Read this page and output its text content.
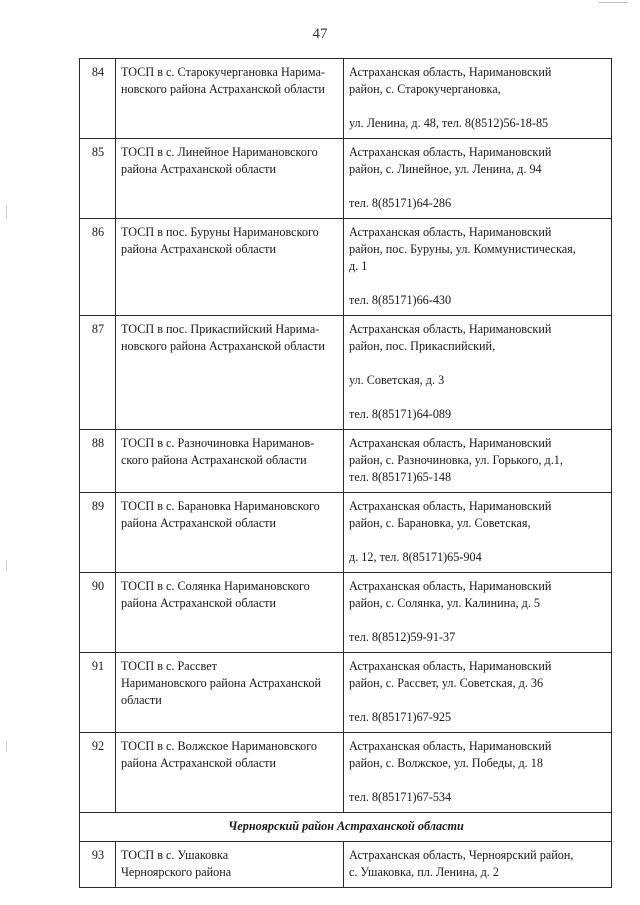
47
84	ТОСП в с. Старокучергановка Нарима-
новского района Астраханской области	Астраханская область, Наримановский
район, с. Старокучергановка,
ул. Ленина, д. 48, тел. 8(8512)56-18-85

85	ТОСП в с. Линейное Наримановского
района Астраханской области	Астраханская область, Наримановский
район, с. Линейное, ул. Ленина, д. 94
тел. 8(85171)64-286

86	ТОСП в пос. Буруны Наримановского
района Астраханской области	Астраханская область, Наримановский
район, пос. Буруны, ул. Коммунистическая,
д. 1
тел. 8(85171)66-430

87	ТОСП в пос. Прикаспийский Нарима-
новского района Астраханской области	Астраханская область, Наримановский
район, пос. Прикаспийский,
ул. Советская, д. 3
тел. 8(85171)64-089

88	ТОСП в с. Разночиновка Нариманов-
ского района Астраханской области	Астраханская область, Наримановский
район, с. Разночиновка, ул. Горького, д.1,
тел. 8(85171)65-148

89	ТОСП в с. Барановка Наримановского
района Астраханской области	Астраханская область, Наримановский
район, с. Барановка, ул. Советская,
д. 12, тел. 8(85171)65-904

90	ТОСП в с. Солянка Наримановского
района Астраханской области	Астраханская область, Наримановский
район, с. Солянка, ул. Калинина, д. 5
тел. 8(8512)59-91-37

91	ТОСП в с. Рассвет
Наримановского района Астраханской
области	Астраханская область, Наримановский
район, с. Рассвет, ул. Советская, д. 36
тел. 8(85171)67-925

92	ТОСП в с. Волжское Наримановского
района Астраханской области	Астраханская область, Наримановский
район, с. Волжское, ул. Победы, д. 18
тел. 8(85171)67-534

Черноярский район Астраханской области		
93	ТОСП в с. Ушаковка
Черноярского района	Астраханская область, Черноярский район,
с. Ушаковка, пл. Ленина, д. 2
